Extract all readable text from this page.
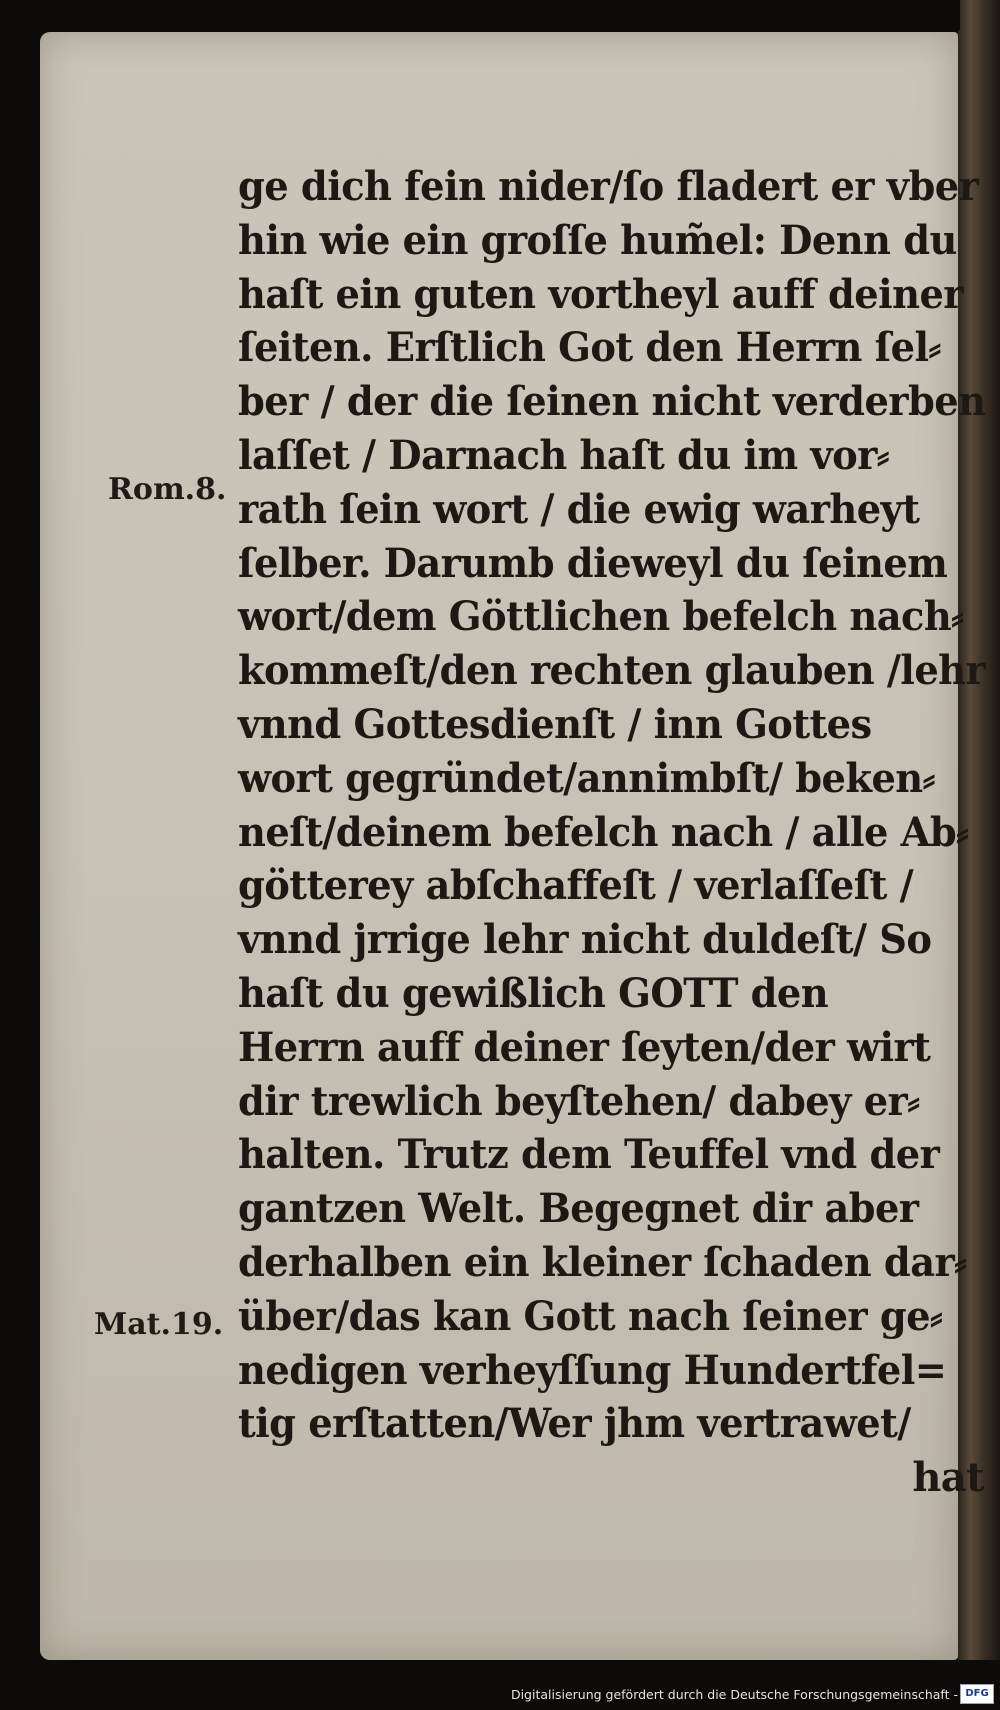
Rom.8.
Mat.19.
ge dich fein nider/ſo fladert er vber
hin wie ein groſſe hum̃el: Denn du
haſt ein guten vortheyl auff deiner
ſeiten. Erſtlich Got den Herrn ſel⸗
ber / der die ſeinen nicht verderben
laſſet / Darnach haſt du im vor⸗
rath ſein wort / die ewig warheyt
ſelber. Darumb dieweyl du ſeinem
wort/dem Göttlichen befelch nach⸗
kommeſt/den rechten glauben /lehr
vnnd Gottesdienſt / inn Gottes
wort gegründet/annimbſt/ beken⸗
neſt/deinem befelch nach / alle Ab⸗
götterey abſchaffeſt / verlaſſeſt /
vnnd jrrige lehr nicht duldeſt/ So
haſt du gewißlich GOTT den
Herrn auff deiner ſeyten/der wirt
dir trewlich beyſtehen/ dabey er⸗
halten. Trutz dem Teuffel vnd der
gantzen Welt. Begegnet dir aber
derhalben ein kleiner ſchaden dar⸗
über/das kan Gott nach ſeiner ge⸗
nedigen verheyſſung Hundertfel=
tig erſtatten/Wer jhm vertrawet/
hat
Digitalisierung gefördert durch die Deutsche Forschungsgemeinschaft - DFG
